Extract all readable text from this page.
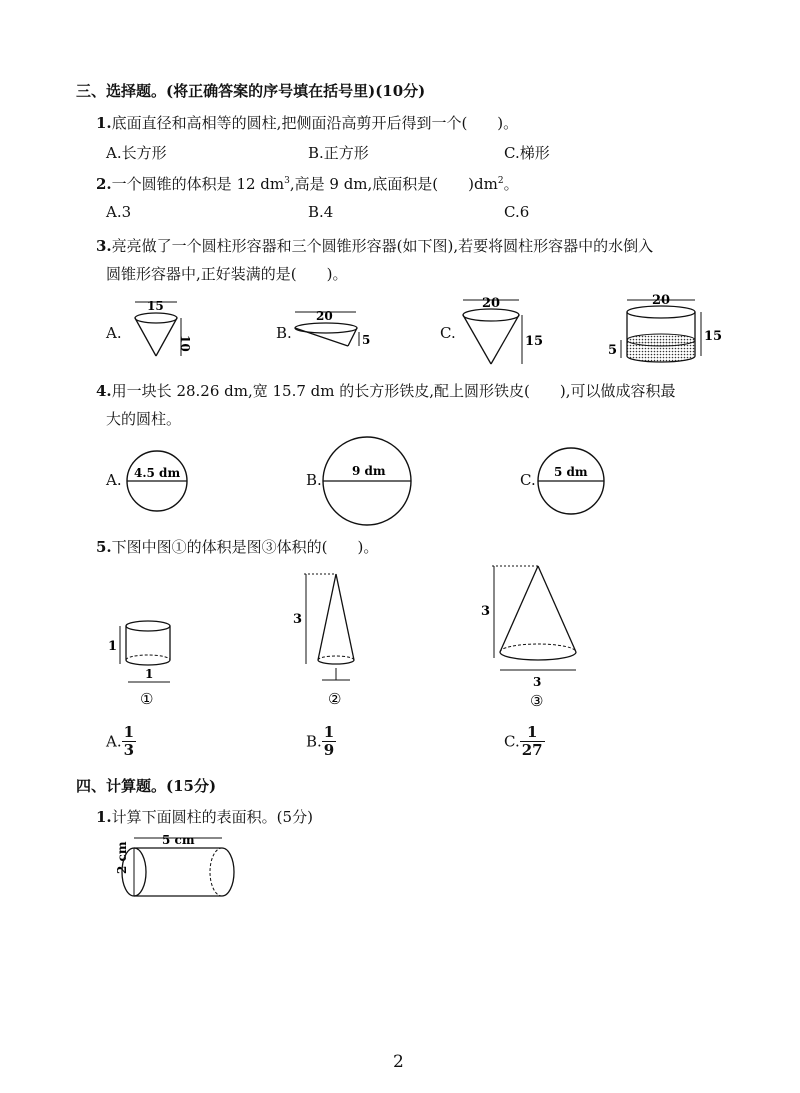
三、选择题。(将正确答案的序号填在括号里)(10分)
1.底面直径和高相等的圆柱,把侧面沿高剪开后得到一个(　　)。
A.长方形	B.正方形	C.梯形
2.一个圆锥的体积是 12 $dm^3$,高是 9 dm,底面积是(　　)$dm^2$。
A.3	B.4	C.6
3.亮亮做了一个圆柱形容器和三个圆锥形容器(如下图),若要将圆柱形容器中的水倒入
圆锥形容器中,正好装满的是(　　)。
A.
15
10
B.
20
5	C.
20
15
20
5
15
4.用一块长 28.26 dm,宽 15.7 dm 的长方形铁皮,配上圆形铁皮(　　),可以做成容积最
大的圆柱。
A. 4.5 dm	B.	9 dm	C. 5 dm
5.下图中图①的体积是图③体积的(　　)。
1
1
①
3
②
3
3
③
A. $\frac{1}{3}$	B. $\frac{1}{9}$	C. $\frac{1}{27}$
四、计算题。(15分)
1.计算下面圆柱的表面积。(5分)
5 cm
2 cm
2
